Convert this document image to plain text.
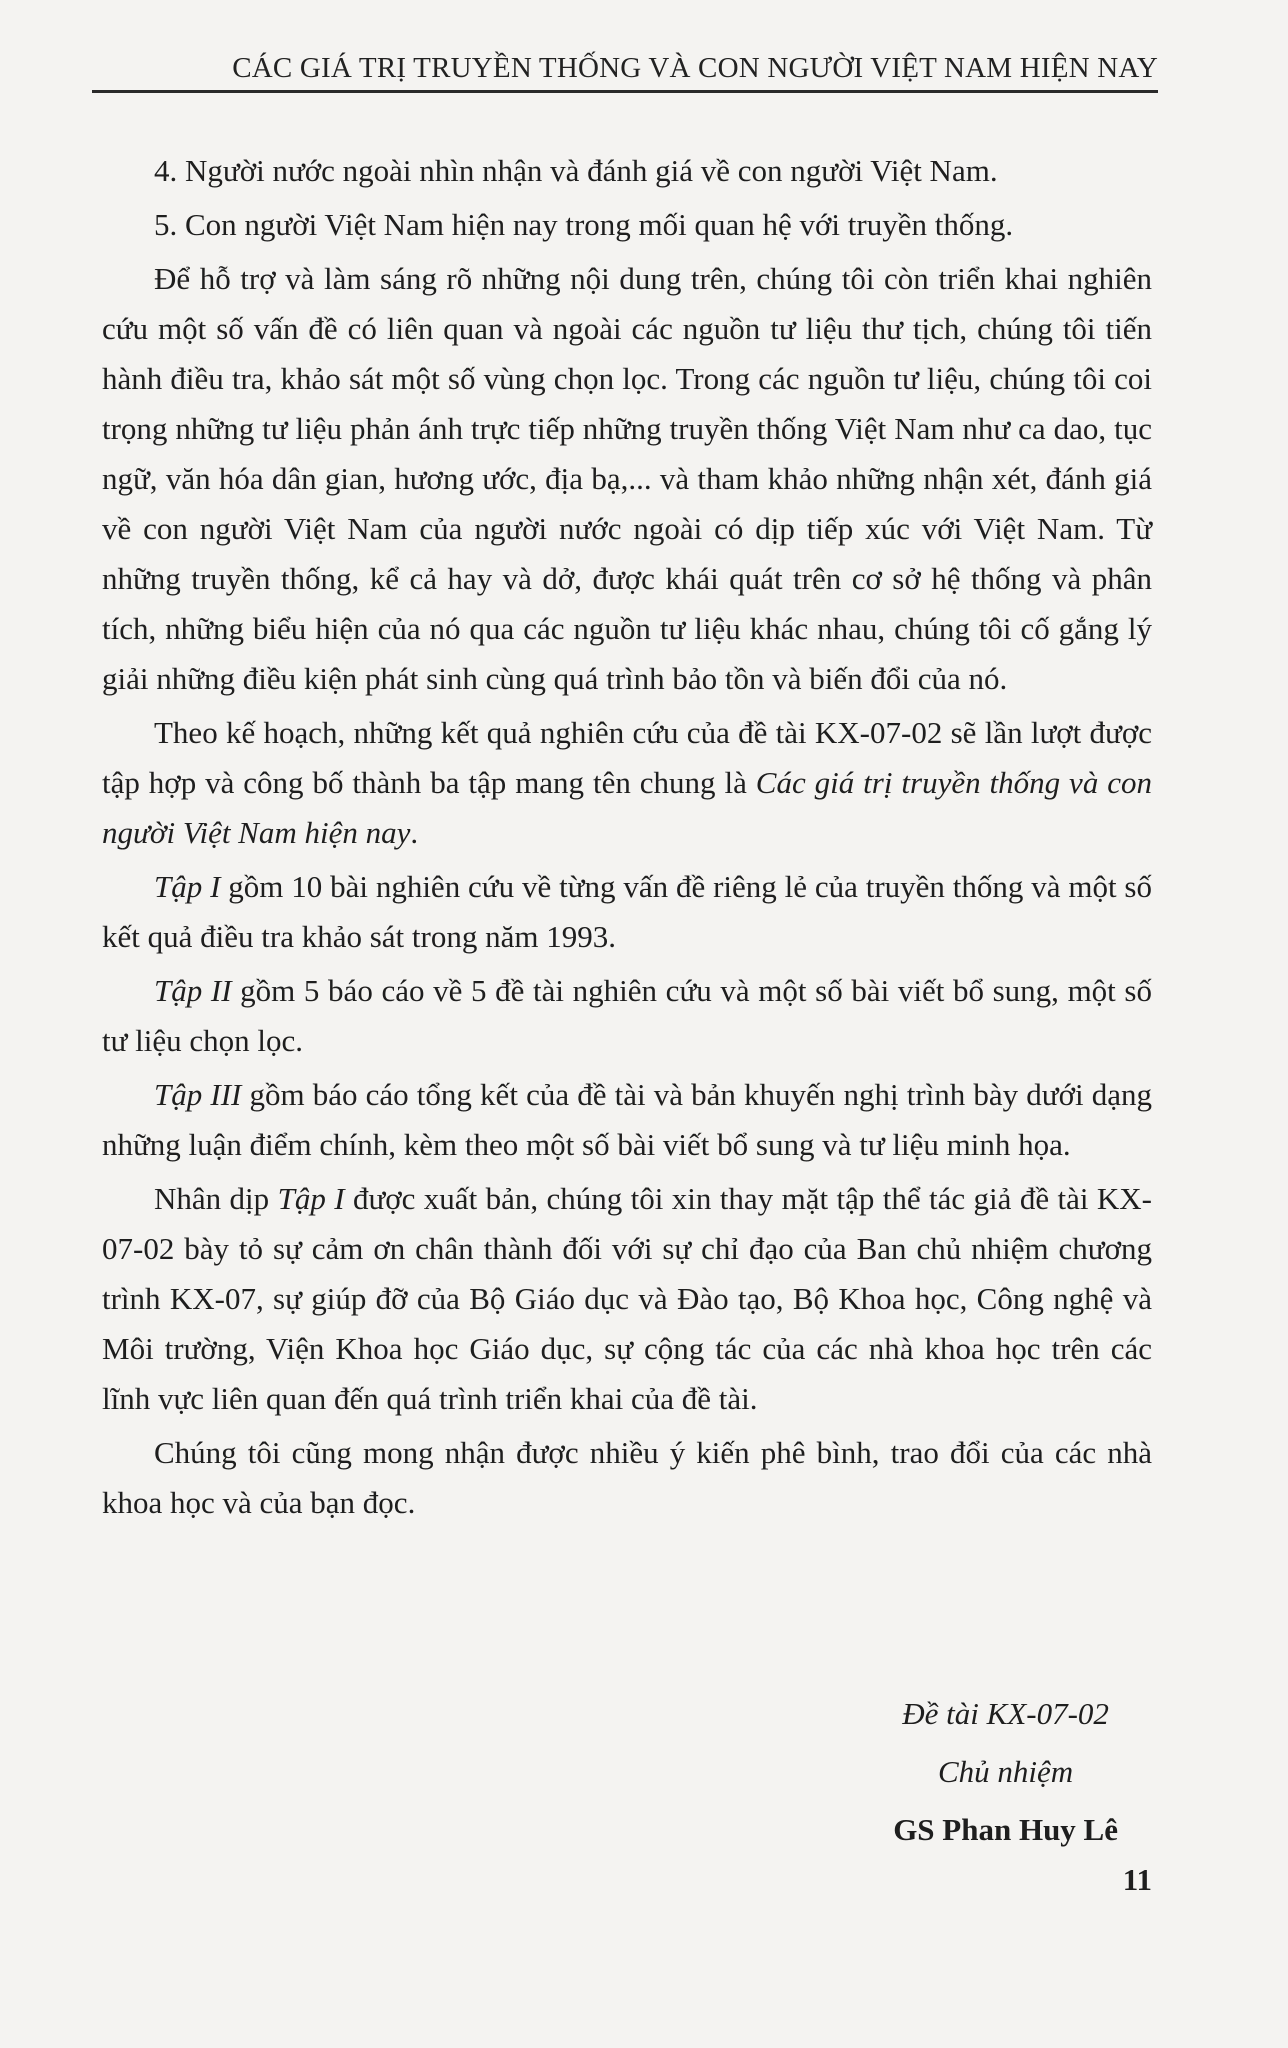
CÁC GIÁ TRỊ TRUYỀN THỐNG VÀ CON NGƯỜI VIỆT NAM HIỆN NAY

4. Người nước ngoài nhìn nhận và đánh giá về con người Việt Nam.

5. Con người Việt Nam hiện nay trong mối quan hệ với truyền thống.

Để hỗ trợ và làm sáng rõ những nội dung trên, chúng tôi còn triển khai nghiên cứu một số vấn đề có liên quan và ngoài các nguồn tư liệu thư tịch, chúng tôi tiến hành điều tra, khảo sát một số vùng chọn lọc. Trong các nguồn tư liệu, chúng tôi coi trọng những tư liệu phản ánh trực tiếp những truyền thống Việt Nam như ca dao, tục ngữ, văn hóa dân gian, hương ước, địa bạ,... và tham khảo những nhận xét, đánh giá về con người Việt Nam của người nước ngoài có dịp tiếp xúc với Việt Nam. Từ những truyền thống, kể cả hay và dở, được khái quát trên cơ sở hệ thống và phân tích, những biểu hiện của nó qua các nguồn tư liệu khác nhau, chúng tôi cố gắng lý giải những điều kiện phát sinh cùng quá trình bảo tồn và biến đổi của nó.

Theo kế hoạch, những kết quả nghiên cứu của đề tài KX-07-02 sẽ lần lượt được tập hợp và công bố thành ba tập mang tên chung là Các giá trị truyền thống và con người Việt Nam hiện nay.

Tập I gồm 10 bài nghiên cứu về từng vấn đề riêng lẻ của truyền thống và một số kết quả điều tra khảo sát trong năm 1993.

Tập II gồm 5 báo cáo về 5 đề tài nghiên cứu và một số bài viết bổ sung, một số tư liệu chọn lọc.

Tập III gồm báo cáo tổng kết của đề tài và bản khuyến nghị trình bày dưới dạng những luận điểm chính, kèm theo một số bài viết bổ sung và tư liệu minh họa.

Nhân dịp Tập I được xuất bản, chúng tôi xin thay mặt tập thể tác giả đề tài KX-07-02 bày tỏ sự cảm ơn chân thành đối với sự chỉ đạo của Ban chủ nhiệm chương trình KX-07, sự giúp đỡ của Bộ Giáo dục và Đào tạo, Bộ Khoa học, Công nghệ và Môi trường, Viện Khoa học Giáo dục, sự cộng tác của các nhà khoa học trên các lĩnh vực liên quan đến quá trình triển khai của đề tài.

Chúng tôi cũng mong nhận được nhiều ý kiến phê bình, trao đổi của các nhà khoa học và của bạn đọc.

Đề tài KX-07-02
Chủ nhiệm
GS Phan Huy Lê
11
